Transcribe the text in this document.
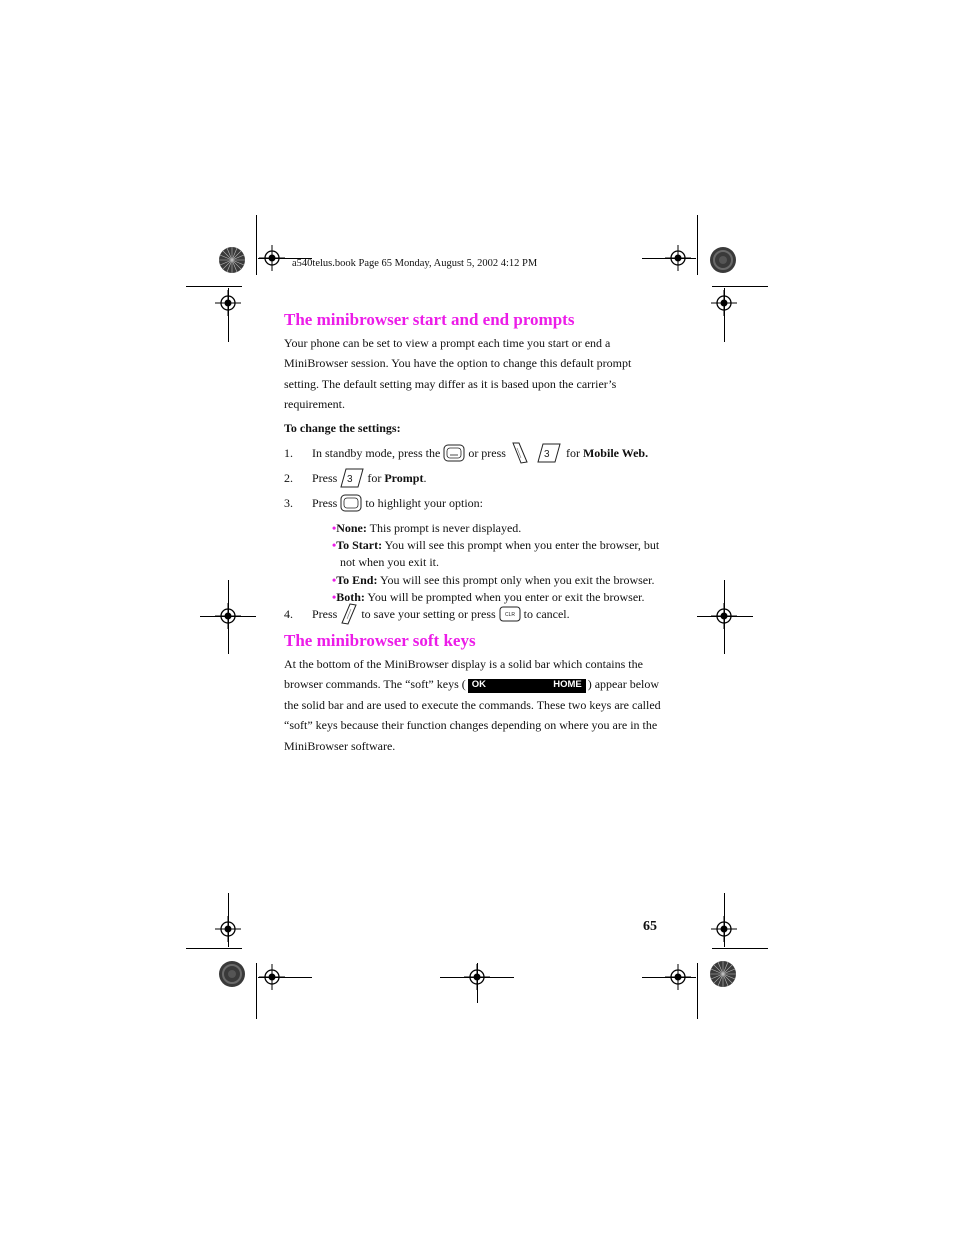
a540telus.book Page 65 Monday, August 5, 2002 4:12 PM
The minibrowser start and end prompts
Your phone can be set to view a prompt each time you start or end a
MiniBrowser session. You have the option to change this default prompt
setting. The default setting may differ as it is based upon the carrier’s
requirement.
To change the settings:
1.	In standby mode, press the or press	3 for
Mobile Web.
2.	Press 3 for
Prompt .
3.	Press to highlight your option:
•None: This prompt is never displayed.
•To Start: You will see this prompt when you enter the browser, but
not when you exit it.
•To End: You will see this prompt only when you exit the browser.
•Both: You will be prompted when you enter or exit the browser.
4.	Press to save your setting or press CLR to cancel.
The minibrowser soft keys
At the bottom of the MiniBrowser display is a solid bar which contains the
browser commands. The “soft” keys ( OK	HOME ) appear below
the solid bar and are used to execute the commands. These two keys are called
“soft” keys because their function changes depending on where you are in the
MiniBrowser software.
65
